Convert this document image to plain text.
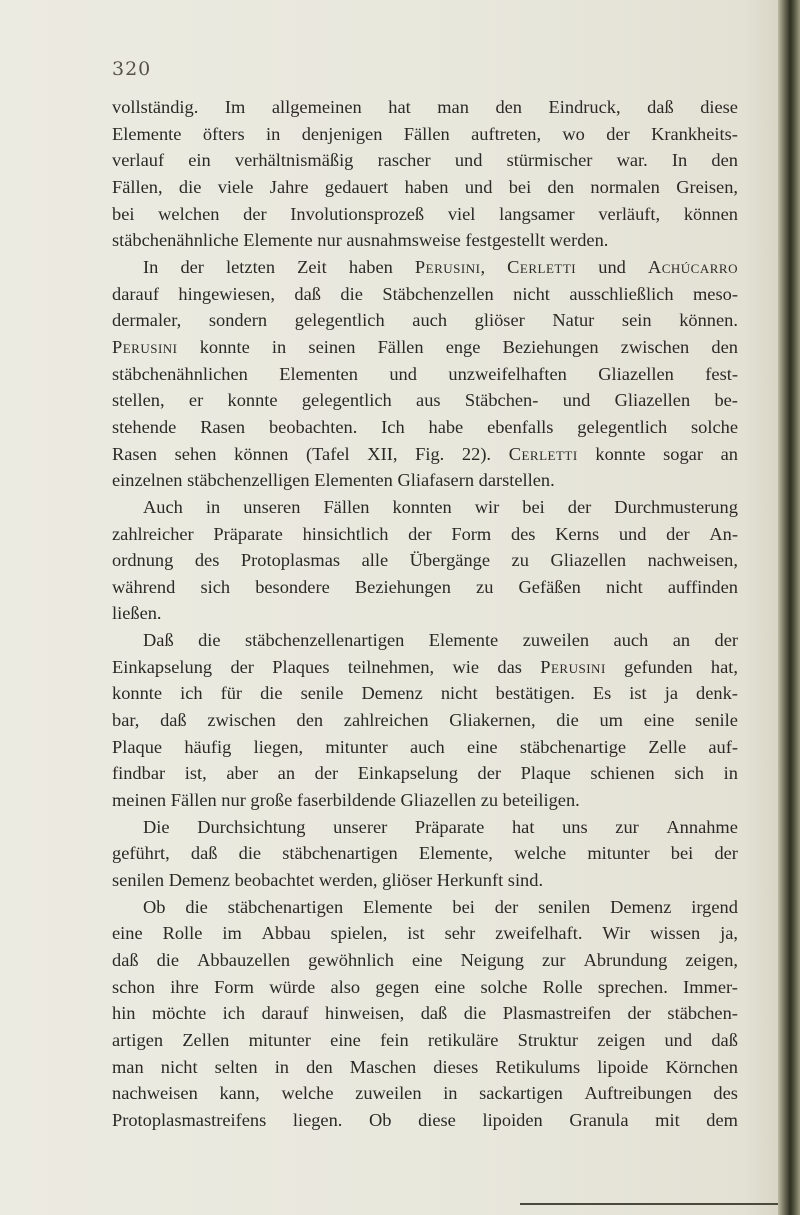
320
vollständig. Im allgemeinen hat man den Eindruck, daß diese
Elemente öfters in denjenigen Fällen auftreten, wo der Krankheits-
verlauf ein verhältnismäßig rascher und stürmischer war. In den
Fällen, die viele Jahre gedauert haben und bei den normalen Greisen,
bei welchen der Involutionsprozeß viel langsamer verläuft, können
stäbchenähnliche Elemente nur ausnahmsweise festgestellt werden.
In der letzten Zeit haben Perusini, Cerletti und Achúcarro
darauf hingewiesen, daß die Stäbchenzellen nicht ausschließlich meso-
dermaler, sondern gelegentlich auch gliöser Natur sein können.
Perusini konnte in seinen Fällen enge Beziehungen zwischen den
stäbchenähnlichen Elementen und unzweifelhaften Gliazellen fest-
stellen, er konnte gelegentlich aus Stäbchen- und Gliazellen be-
stehende Rasen beobachten. Ich habe ebenfalls gelegentlich solche
Rasen sehen können (Tafel XII, Fig. 22). Cerletti konnte sogar an
einzelnen stäbchenzelligen Elementen Gliafasern darstellen.
Auch in unseren Fällen konnten wir bei der Durchmusterung
zahlreicher Präparate hinsichtlich der Form des Kerns und der An-
ordnung des Protoplasmas alle Übergänge zu Gliazellen nachweisen,
während sich besondere Beziehungen zu Gefäßen nicht auffinden
ließen.
Daß die stäbchenzellenartigen Elemente zuweilen auch an der
Einkapselung der Plaques teilnehmen, wie das Perusini gefunden hat,
konnte ich für die senile Demenz nicht bestätigen. Es ist ja denk-
bar, daß zwischen den zahlreichen Gliakernen, die um eine senile
Plaque häufig liegen, mitunter auch eine stäbchenartige Zelle auf-
findbar ist, aber an der Einkapselung der Plaque schienen sich in
meinen Fällen nur große faserbildende Gliazellen zu beteiligen.
Die Durchsichtung unserer Präparate hat uns zur Annahme
geführt, daß die stäbchenartigen Elemente, welche mitunter bei der
senilen Demenz beobachtet werden, gliöser Herkunft sind.
Ob die stäbchenartigen Elemente bei der senilen Demenz irgend
eine Rolle im Abbau spielen, ist sehr zweifelhaft. Wir wissen ja,
daß die Abbauzellen gewöhnlich eine Neigung zur Abrundung zeigen,
schon ihre Form würde also gegen eine solche Rolle sprechen. Immer-
hin möchte ich darauf hinweisen, daß die Plasmastreifen der stäbchen-
artigen Zellen mitunter eine fein retikuläre Struktur zeigen und daß
man nicht selten in den Maschen dieses Retikulums lipoide Körnchen
nachweisen kann, welche zuweilen in sackartigen Auftreibungen des
Protoplasmastreifens liegen. Ob diese lipoiden Granula mit dem
